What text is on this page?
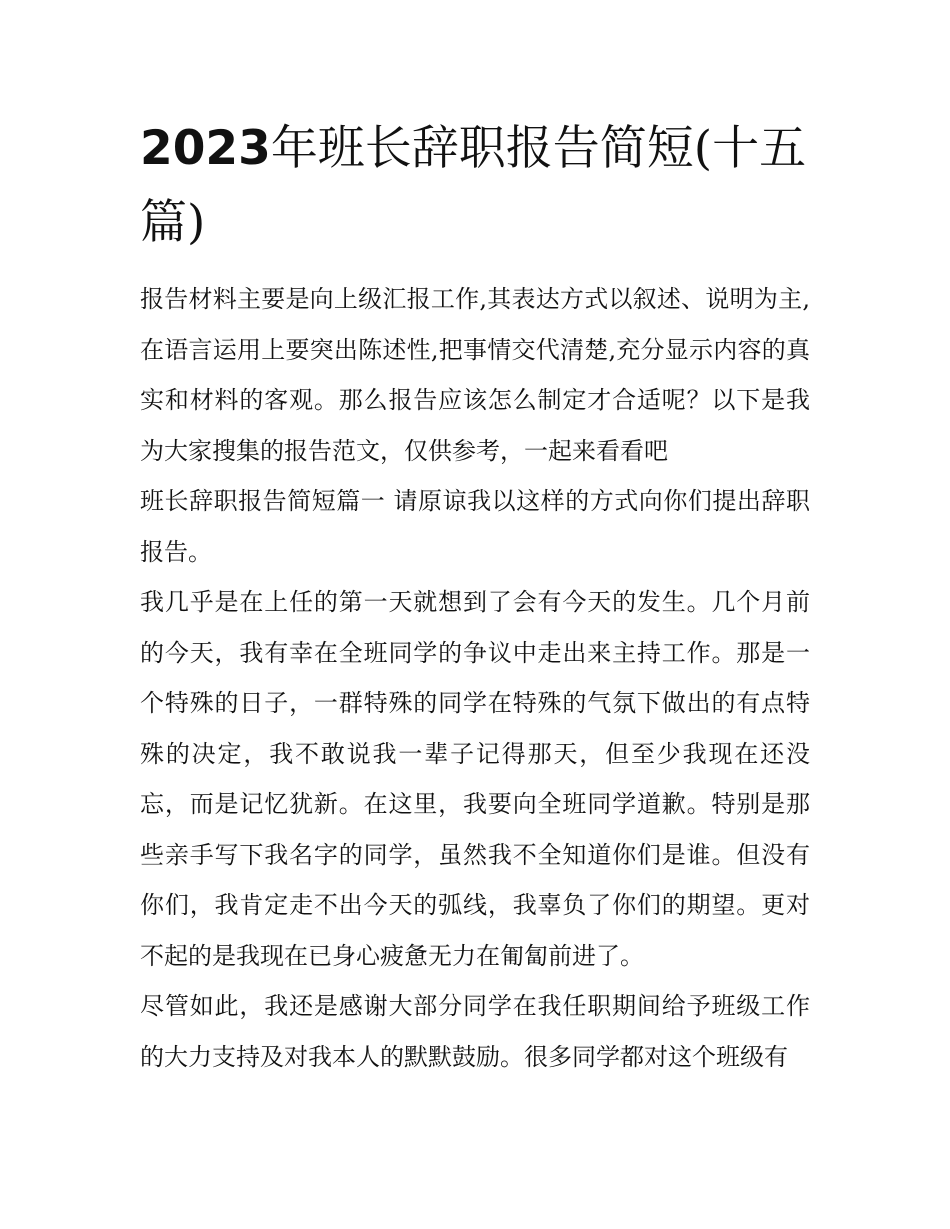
2023年班长辞职报告简短(十五篇)

报告材料主要是向上级汇报工作,其表达方式以叙述、说明为主,在语言运用上要突出陈述性,把事情交代清楚,充分显示内容的真实和材料的客观。那么报告应该怎么制定才合适呢？以下是我为大家搜集的报告范文，仅供参考，一起来看看吧

班长辞职报告简短篇一 请原谅我以这样的方式向你们提出辞职报告。

我几乎是在上任的第一天就想到了会有今天的发生。几个月前的今天，我有幸在全班同学的争议中走出来主持工作。那是一个特殊的日子，一群特殊的同学在特殊的气氛下做出的有点特殊的决定，我不敢说我一辈子记得那天，但至少我现在还没忘，而是记忆犹新。在这里，我要向全班同学道歉。特别是那些亲手写下我名字的同学，虽然我不全知道你们是谁。但没有你们，我肯定走不出今天的弧线，我辜负了你们的期望。更对不起的是我现在已身心疲惫无力在匍匐前进了。

尽管如此，我还是感谢大部分同学在我任职期间给予班级工作的大力支持及对我本人的默默鼓励。很多同学都对这个班级有
